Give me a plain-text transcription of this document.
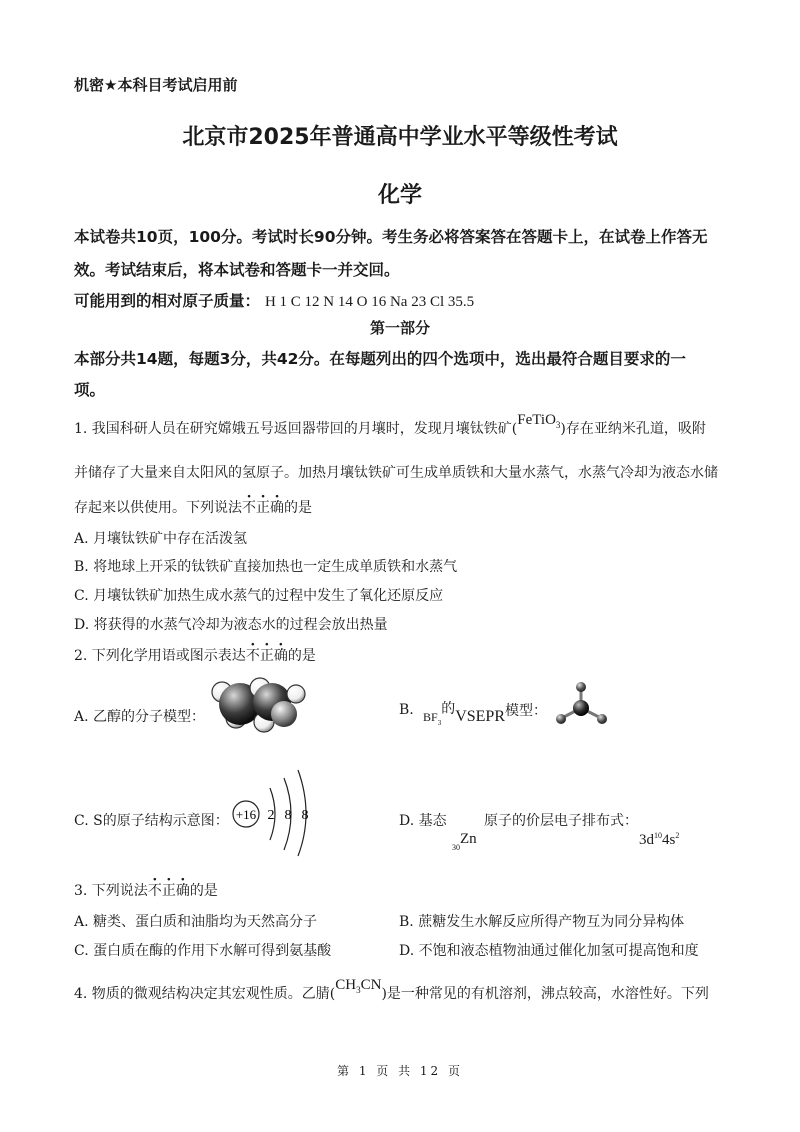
机密★本科目考试启用前
北京市2025年普通高中学业水平等级性考试
化学
本试卷共10页，100分。考试时长90分钟。考生务必将答案答在答题卡上，在试卷上作答无
效。考试结束后，将本试卷和答题卡一并交回。
可能用到的相对原子质量： H 1 C 12 N 14 O 16 Na 23 Cl 35.5
第一部分
本部分共14题，每题3分，共42分。在每题列出的四个选项中，选出最符合题目要求的一
项。
1. 我国科研人员在研究嫦娥五号返回器带回的月壤时，发现月壤钛铁矿(FeTiO$_3$)存在亚纳米孔道，吸附
并储存了大量来自太阳风的氢原子。加热月壤钛铁矿可生成单质铁和大量水蒸气，水蒸气冷却为液态水储
存起来以供使用。下列说法不正确的是
A. 月壤钛铁矿中存在活泼氢
B. 将地球上开采的钛铁矿直接加热也一定生成单质铁和水蒸气
C. 月壤钛铁矿加热生成水蒸气的过程中发生了氧化还原反应
D. 将获得的水蒸气冷却为液态水的过程会放出热量
2. 下列化学用语或图示表达不正确的是
A. 乙醇的分子模型：	B. $BF_3$的VSEPR模型：
C. S的原子结构示意图： +16 2 8 8	D. 基态	原子的价层电子排布式：
$_{30}$Zn	$3d^{10}4s^2$
3. 下列说法不正确的是
A. 糖类、蛋白质和油脂均为天然高分子	B. 蔗糖发生水解反应所得产物互为同分异构体
C. 蛋白质在酶的作用下水解可得到氨基酸	D. 不饱和液态植物油通过催化加氢可提高饱和度
4. 物质的微观结构决定其宏观性质。乙腈$(CH_3CN)$是一种常见的有机溶剂，沸点较高，水溶性好。下列
第 1 页 共 12 页
